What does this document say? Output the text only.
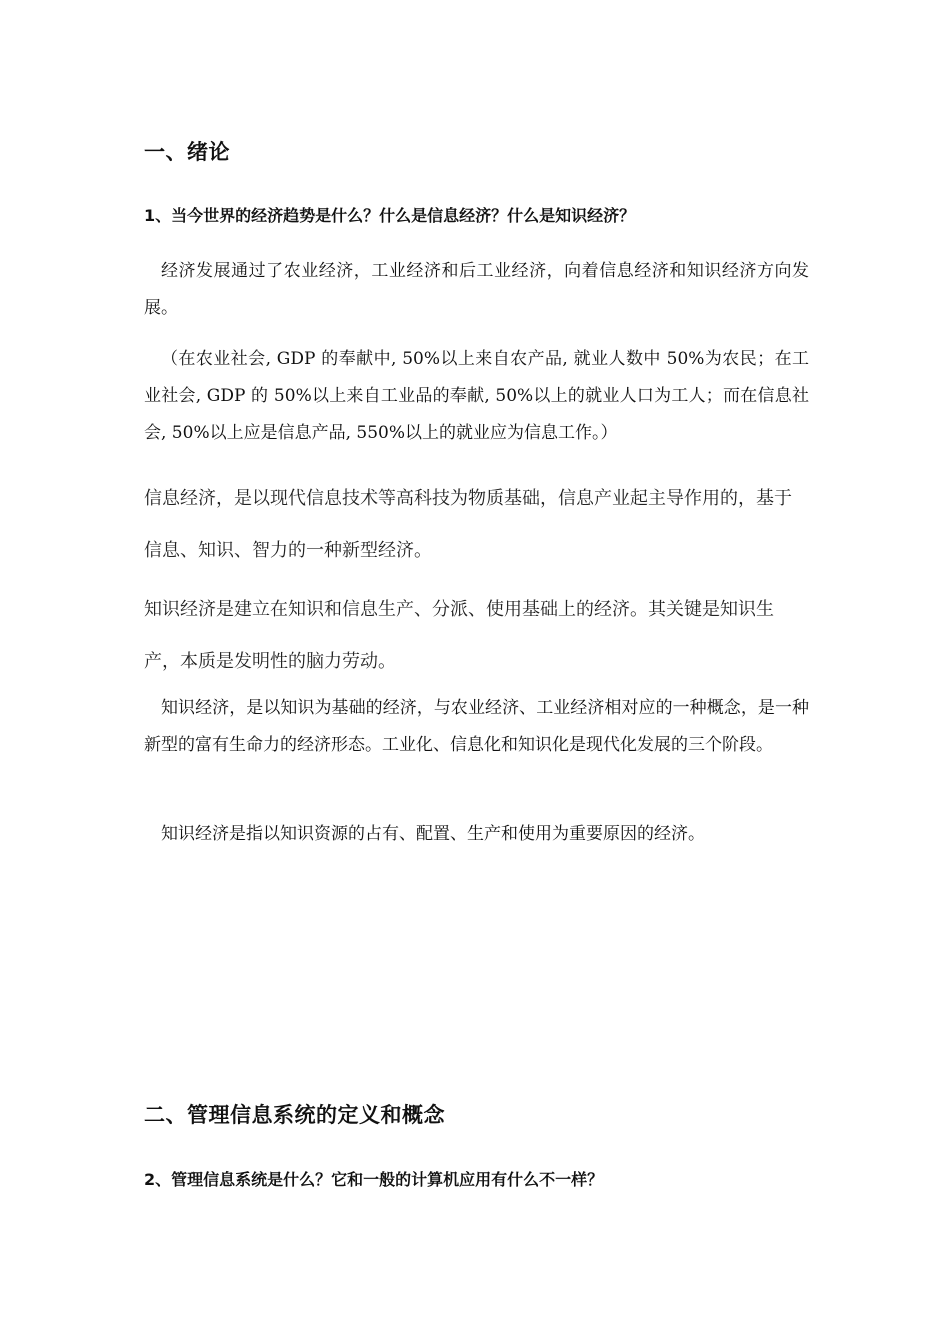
一、绪论
1、当今世界的经济趋势是什么？什么是信息经济？什么是知识经济？
经济发展通过了农业经济，工业经济和后工业经济，向着信息经济和知识经济方向发展。
（在农业社会, GDP 的奉献中, 50%以上来自农产品, 就业人数中 50%为农民；在工业社会, GDP 的 50%以上来自工业品的奉献, 50%以上的就业人口为工人；而在信息社会, 50%以上应是信息产品, 550%以上的就业应为信息工作。）
信息经济，是以现代信息技术等高科技为物质基础，信息产业起主导作用的，基于信息、知识、智力的一种新型经济。
知识经济是建立在知识和信息生产、分派、使用基础上的经济。其关键是知识生产，本质是发明性的脑力劳动。
知识经济，是以知识为基础的经济，与农业经济、工业经济相对应的一种概念，是一种新型的富有生命力的经济形态。工业化、信息化和知识化是现代化发展的三个阶段。
知识经济是指以知识资源的占有、配置、生产和使用为重要原因的经济。
二、管理信息系统的定义和概念
2、管理信息系统是什么？它和一般的计算机应用有什么不一样？
